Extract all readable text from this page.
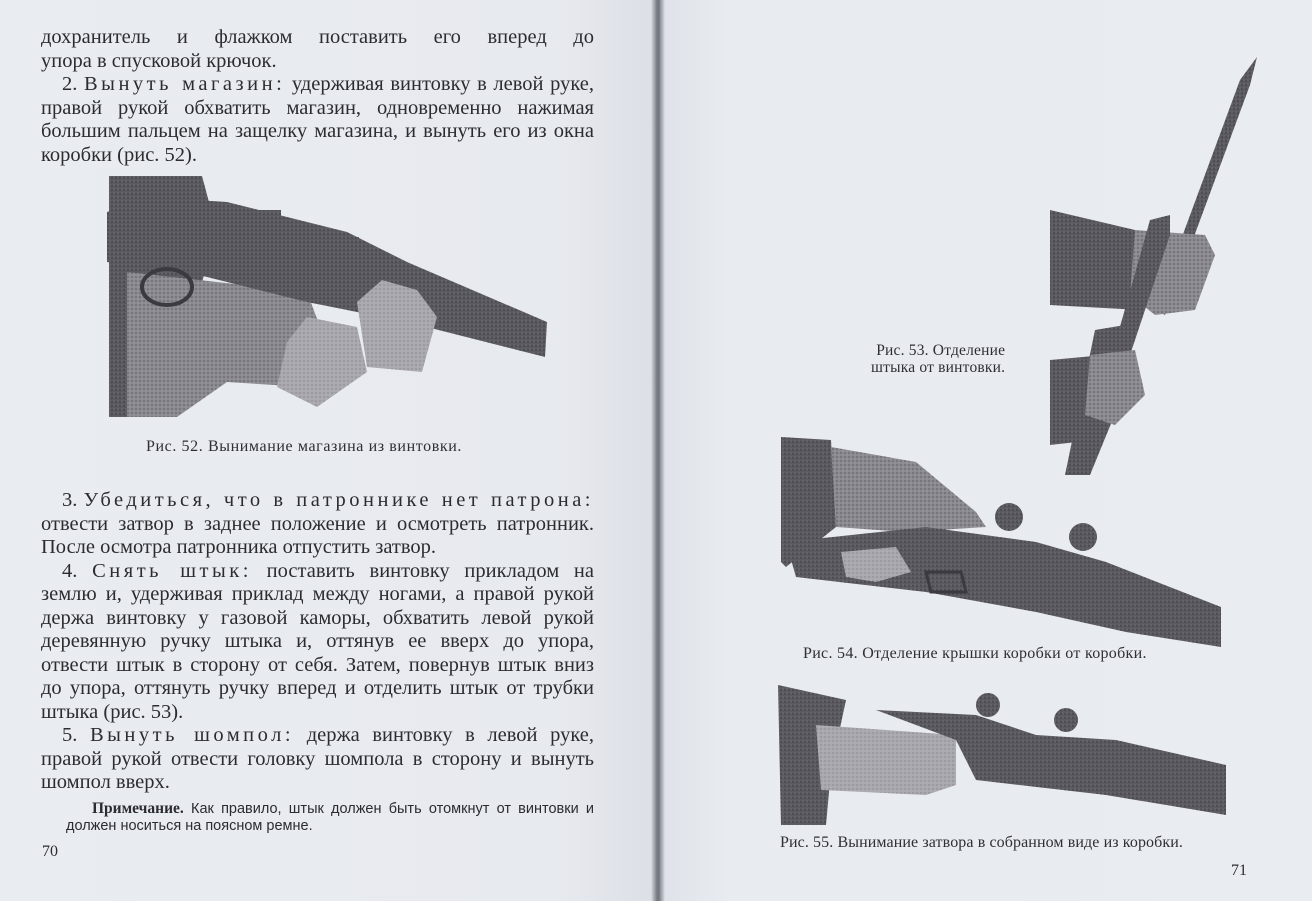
дохранитель и флажком поставить его вперед до

упора в спусковой крючок.

2. Вынуть магазин: удерживая винтовку в левой руке, правой рукой обхватить магазин, одновременно нажимая большим пальцем на защелку магазина, и вынуть его из окна коробки (рис. 52).

Рис. 52. Вынимание магазина из винтовки.

3. Убедиться, что в патроннике нет патрона: отвести затвор в заднее положение и осмотреть патронник. После осмотра патронника отпустить затвор.

4. Снять штык: поставить винтовку прикладом на землю и, удерживая приклад между ногами, а правой рукой держа винтовку у газовой каморы, обхватить левой рукой деревянную ручку штыка и, оттянув ее вверх до упора, отвести штык в сторону от себя. Затем, повернув штык вниз до упора, оттянуть ручку вперед и отделить штык от трубки штыка (рис. 53).

5. Вынуть шомпол: держа винтовку в левой руке, правой рукой отвести головку шомпола в сторону и вынуть шомпол вверх.

Примечание. Как правило, штык должен быть отомкнут от винтовки и должен носиться на поясном ремне.
70
Рис. 53. Отделение
штыка от винтовки.
Рис. 54. Отделение крышки коробки от коробки.
Рис. 55. Вынимание затвора в собранном виде из коробки.
71
